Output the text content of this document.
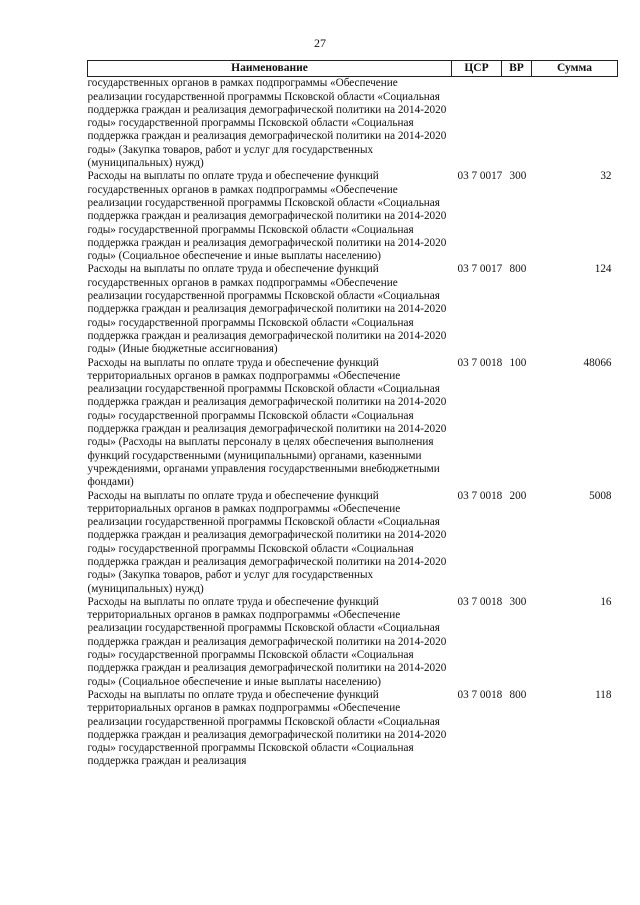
27
Наименование	ЦСР	ВР	Сумма
государственных органов в рамках подпрограммы «Обеспечение реализации государственной программы Псковской области «Социальная поддержка граждан и реализация демографической политики на 2014-2020 годы» государственной программы Псковской области «Социальная поддержка граждан и реализация демографической политики на 2014-2020 годы» (Закупка товаров, работ и услуг для государственных (муниципальных) нужд)			
Расходы на выплаты по оплате труда и обеспечение функций государственных органов в рамках подпрограммы «Обеспечение реализации государственной программы Псковской области «Социальная поддержка граждан и реализация демографической политики на 2014-2020 годы» государственной программы Псковской области «Социальная поддержка граждан и реализация демографической политики на 2014-2020 годы» (Социальное обеспечение и иные выплаты населению)	03 7 0017	300	32
Расходы на выплаты по оплате труда и обеспечение функций государственных органов в рамках подпрограммы «Обеспечение реализации государственной программы Псковской области «Социальная поддержка граждан и реализация демографической политики на 2014-2020 годы» государственной программы Псковской области «Социальная поддержка граждан и реализация демографической политики на 2014-2020 годы» (Иные бюджетные ассигнования)	03 7 0017	800	124
Расходы на выплаты по оплате труда и обеспечение функций территориальных органов в рамках подпрограммы «Обеспечение реализации государственной программы Псковской области «Социальная поддержка граждан и реализация демографической политики на 2014-2020 годы» государственной программы Псковской области «Социальная поддержка граждан и реализация демографической политики на 2014-2020 годы» (Расходы на выплаты персоналу в целях обеспечения выполнения функций государственными (муниципальными) органами, казенными учреждениями, органами управления государственными внебюджетными фондами)	03 7 0018	100	48066
Расходы на выплаты по оплате труда и обеспечение функций территориальных органов в рамках подпрограммы «Обеспечение реализации государственной программы Псковской области «Социальная поддержка граждан и реализация демографической политики на 2014-2020 годы» государственной программы Псковской области «Социальная поддержка граждан и реализация демографической политики на 2014-2020 годы» (Закупка товаров, работ и услуг для государственных (муниципальных) нужд)	03 7 0018	200	5008
Расходы на выплаты по оплате труда и обеспечение функций территориальных органов в рамках подпрограммы «Обеспечение реализации государственной программы Псковской области «Социальная поддержка граждан и реализация демографической политики на 2014-2020 годы» государственной программы Псковской области «Социальная поддержка граждан и реализация демографической политики на 2014-2020 годы» (Социальное обеспечение и иные выплаты населению)	03 7 0018	300	16
Расходы на выплаты по оплате труда и обеспечение функций территориальных органов в рамках подпрограммы «Обеспечение реализации государственной программы Псковской области «Социальная поддержка граждан и реализация демографической политики на 2014-2020 годы» государственной программы Псковской области «Социальная поддержка граждан и реализация	03 7 0018	800	118
